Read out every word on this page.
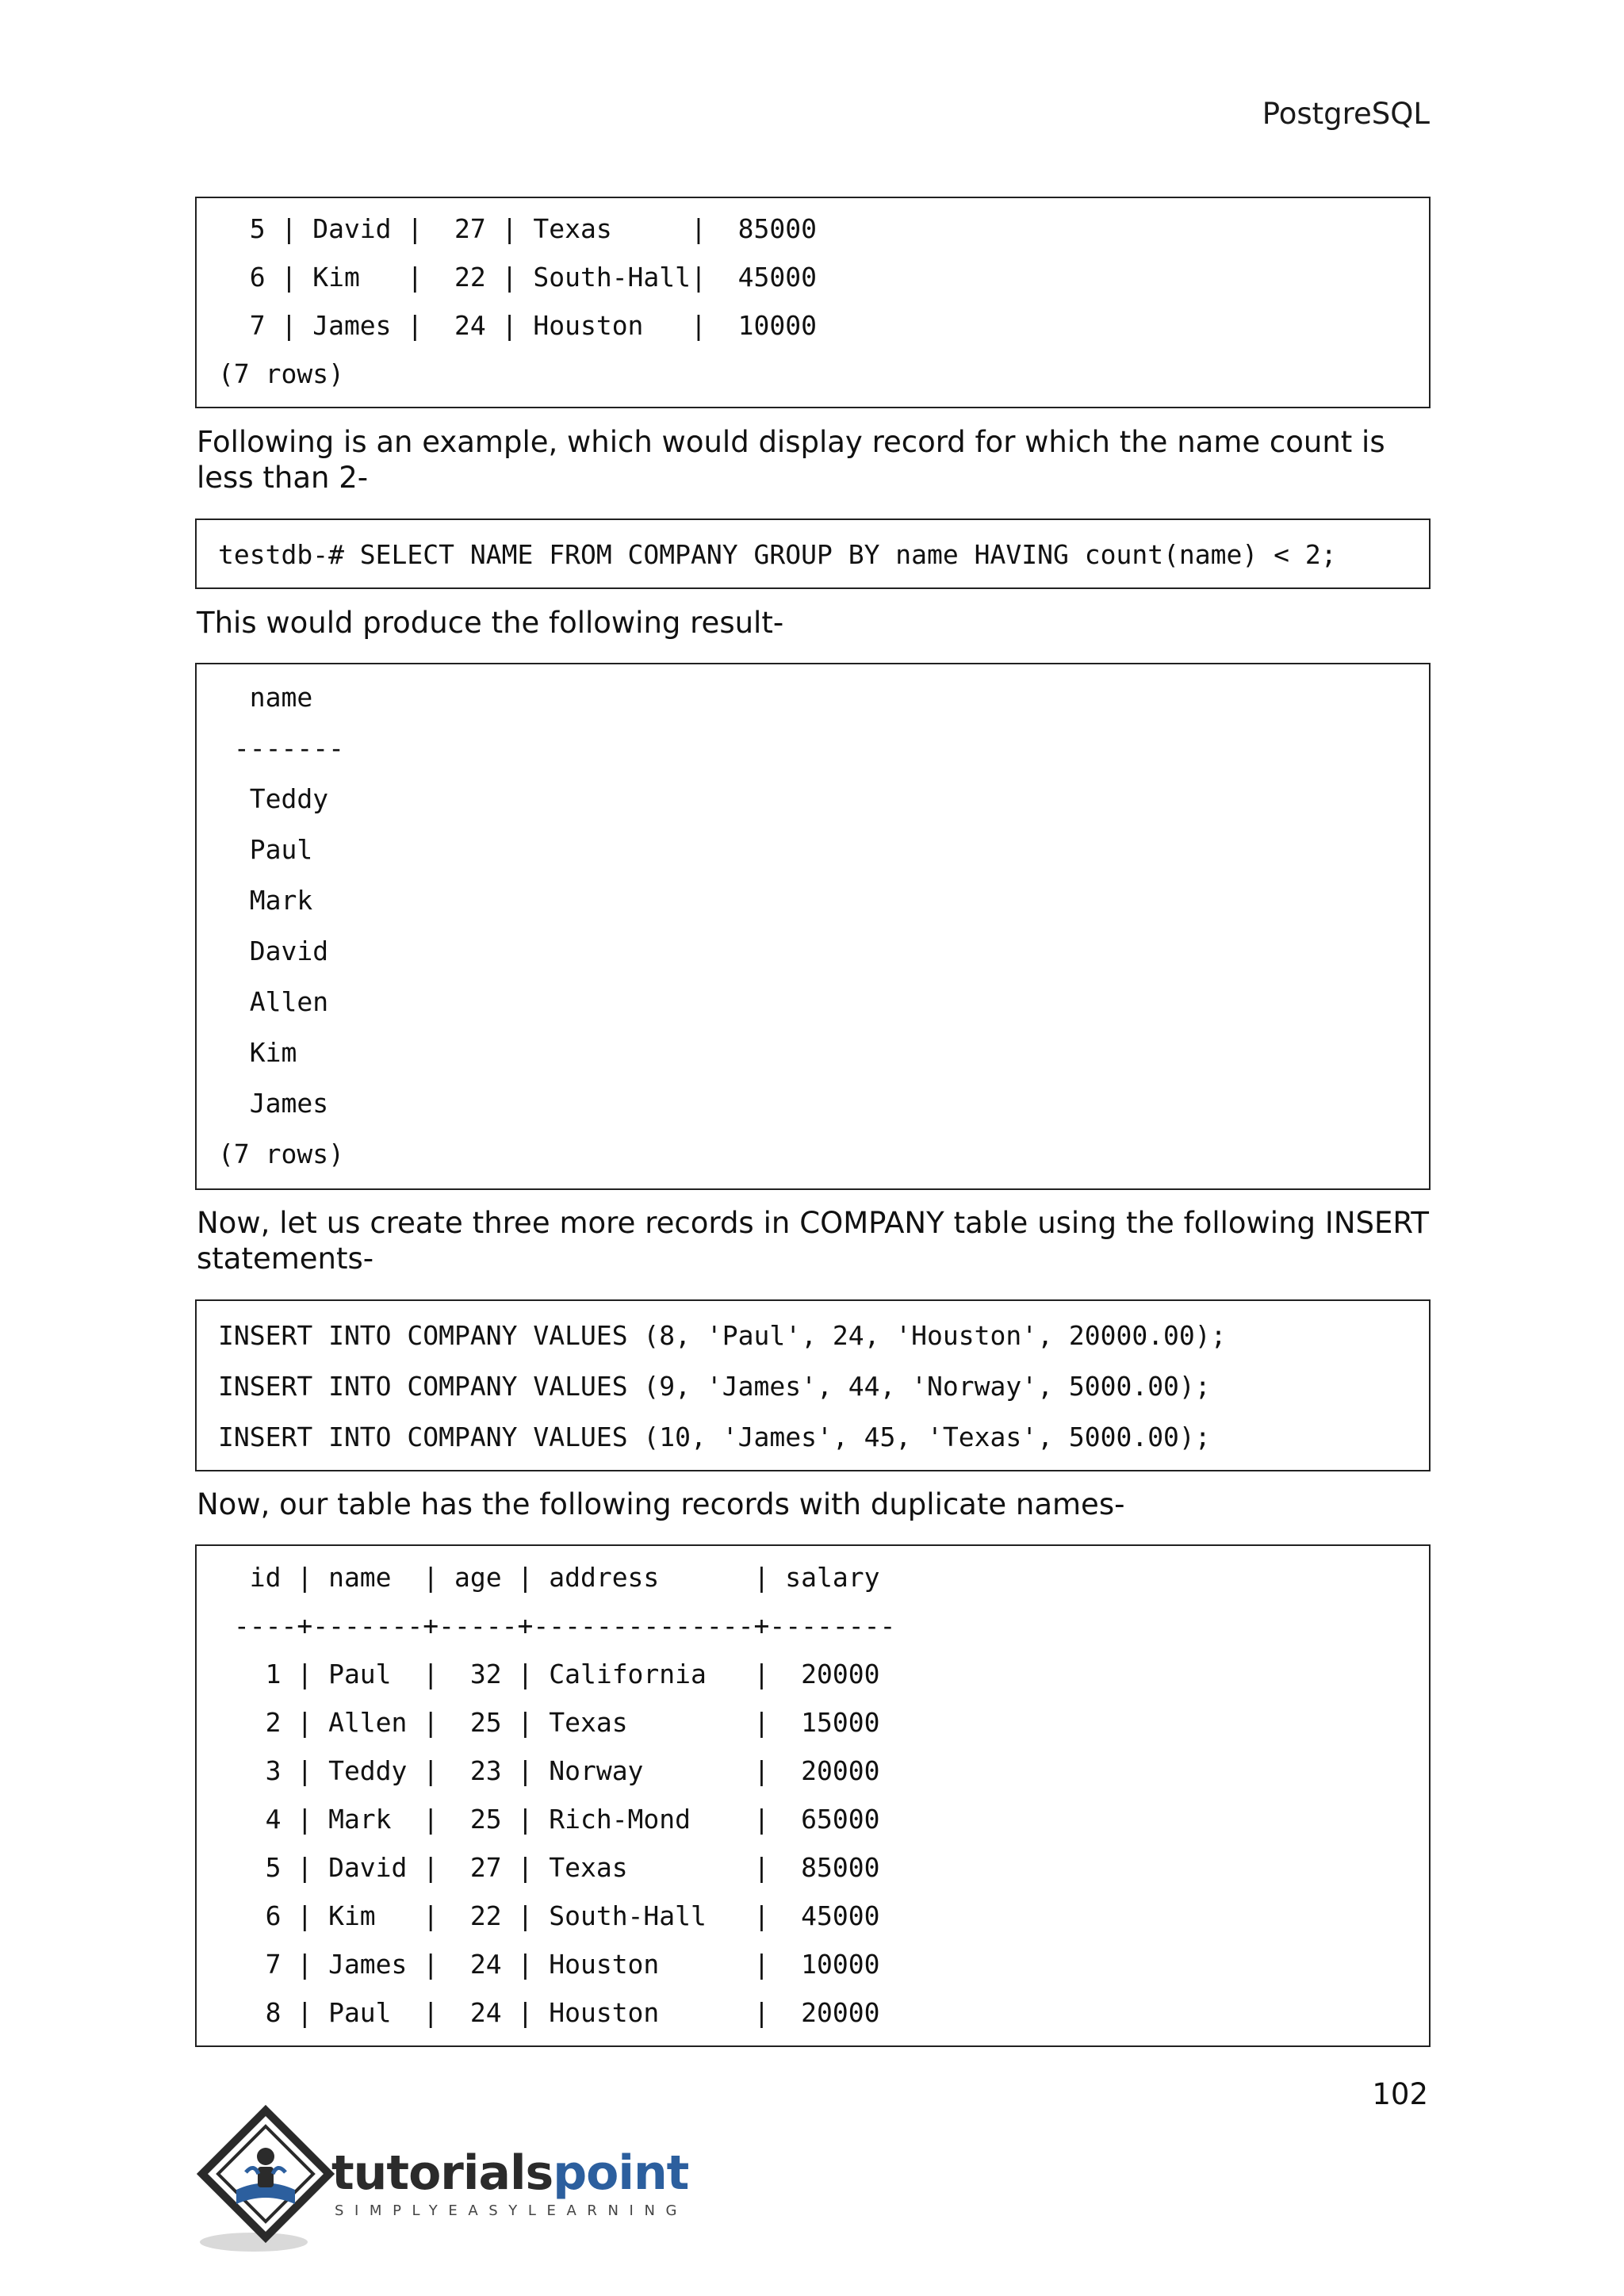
PostgreSQL
5 | David |  27 | Texas     |  85000
6 | Kim   |  22 | South-Hall|  45000
7 | James |  24 | Houston   |  10000
(7 rows)

Following is an example, which would display record for which the name count is less than 2-

testdb-# SELECT NAME FROM COMPANY GROUP BY name HAVING count(name) < 2;

This would produce the following result-

name
-------
Teddy
Paul
Mark
David
Allen
Kim
James
(7 rows)

Now, let us create three more records in COMPANY table using the following INSERT statements-

INSERT INTO COMPANY VALUES (8, 'Paul', 24, 'Houston', 20000.00);
INSERT INTO COMPANY VALUES (9, 'James', 44, 'Norway', 5000.00);
INSERT INTO COMPANY VALUES (10, 'James', 45, 'Texas', 5000.00);

Now, our table has the following records with duplicate names-

id | name  | age | address      | salary
----+-------+-----+--------------+--------
1 | Paul  |  32 | California   |  20000
2 | Allen |  25 | Texas        |  15000
3 | Teddy |  23 | Norway       |  20000
4 | Mark  |  25 | Rich-Mond    |  65000
5 | David |  27 | Texas        |  85000
6 | Kim   |  22 | South-Hall   |  45000
7 | James |  24 | Houston      |  10000
8 | Paul  |  24 | Houston      |  20000
102
tutorialspoint
SIMPLYEASYLEARNING
